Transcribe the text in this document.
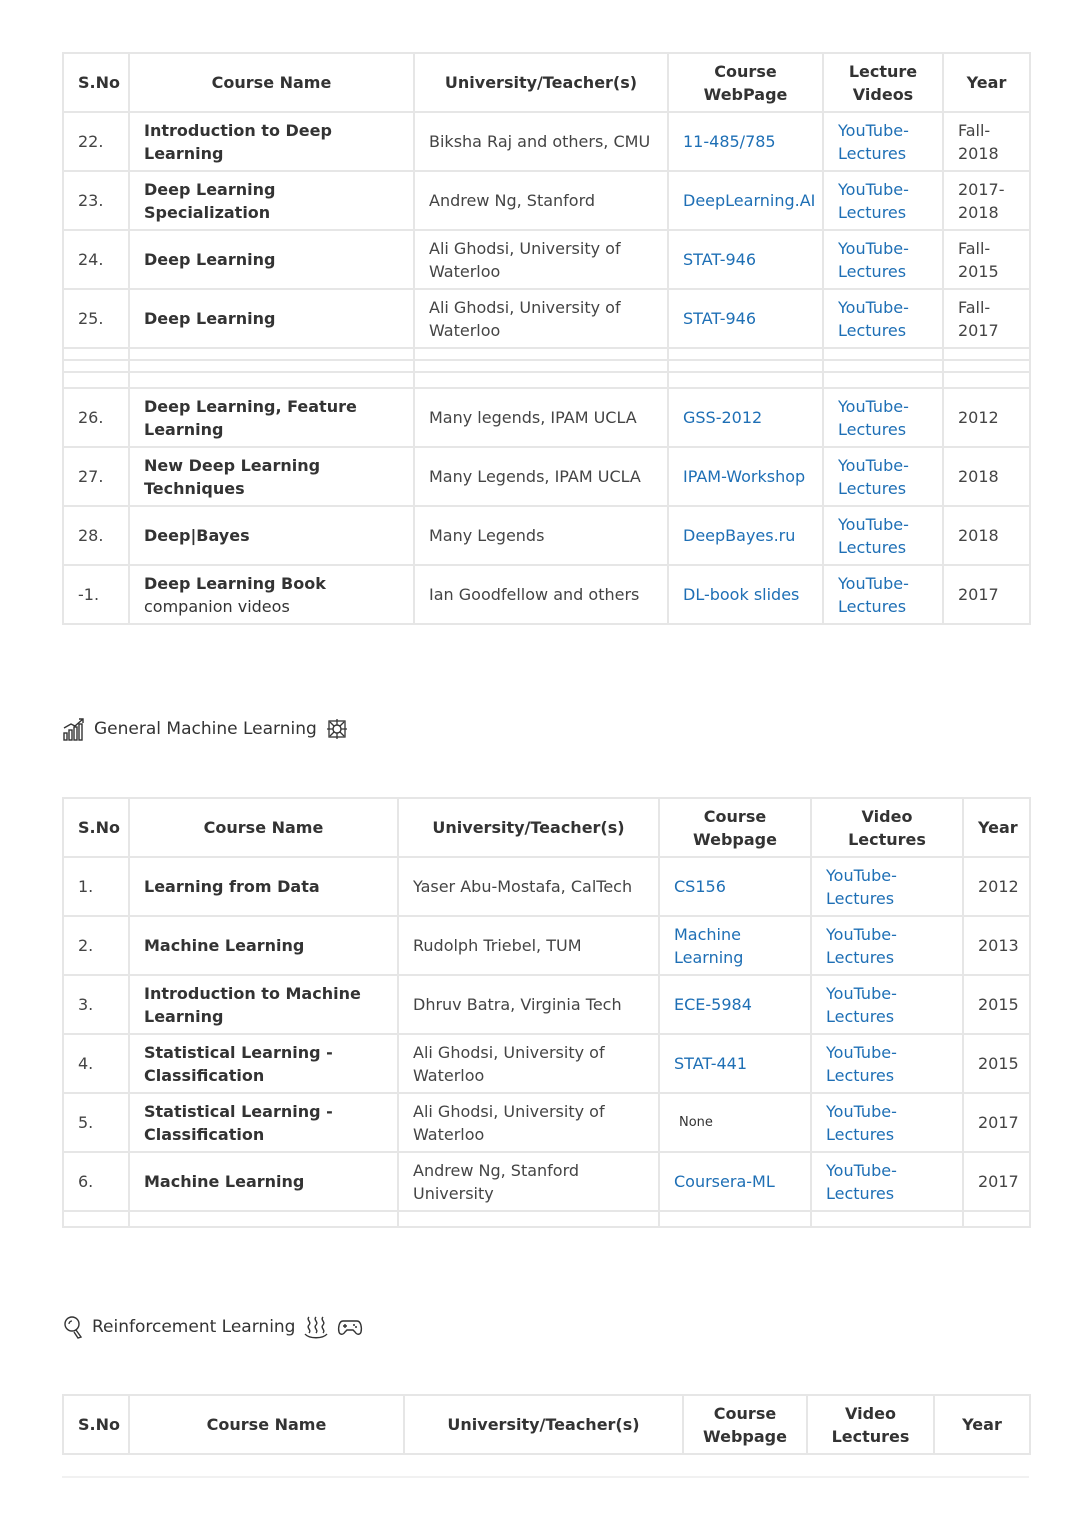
S.No	Course Name	University/Teacher(s)	Course WebPage	Lecture Videos	Year
22.	Introduction to Deep Learning	Biksha Raj and others, CMU	11-485/785	YouTube-Lectures	Fall-2018
23.	Deep Learning Specialization	Andrew Ng, Stanford	DeepLearning.AI	YouTube-Lectures	2017-2018
24.	Deep Learning	Ali Ghodsi, University of Waterloo	STAT-946	YouTube-Lectures	Fall-2015
25.	Deep Learning	Ali Ghodsi, University of Waterloo	STAT-946	YouTube-Lectures	Fall-2017

26.	Deep Learning, Feature Learning	Many legends, IPAM UCLA	GSS-2012	YouTube-Lectures	2012
27.	New Deep Learning Techniques	Many Legends, IPAM UCLA	IPAM-Workshop	YouTube-Lectures	2018
28.	Deep|Bayes	Many Legends	DeepBayes.ru	YouTube-Lectures	2018
-1.	Deep Learning Book companion videos	Ian Goodfellow and others	DL-book slides	YouTube-Lectures	2017
General Machine Learning
S.No	Course Name	University/Teacher(s)	Course Webpage	Video Lectures	Year
1.	Learning from Data	Yaser Abu-Mostafa, CalTech	CS156	YouTube-Lectures	2012
2.	Machine Learning	Rudolph Triebel, TUM	Machine Learning	YouTube-Lectures	2013
3.	Introduction to Machine Learning	Dhruv Batra, Virginia Tech	ECE-5984	YouTube-Lectures	2015
4.	Statistical Learning - Classification	Ali Ghodsi, University of Waterloo	STAT-441	YouTube-Lectures	2015
5.	Statistical Learning - Classification	Ali Ghodsi, University of Waterloo	None	YouTube-Lectures	2017
6.	Machine Learning	Andrew Ng, Stanford University	Coursera-ML	YouTube-Lectures	2017

Reinforcement Learning
S.No	Course Name	University/Teacher(s)	Course Webpage	Video Lectures	Year
